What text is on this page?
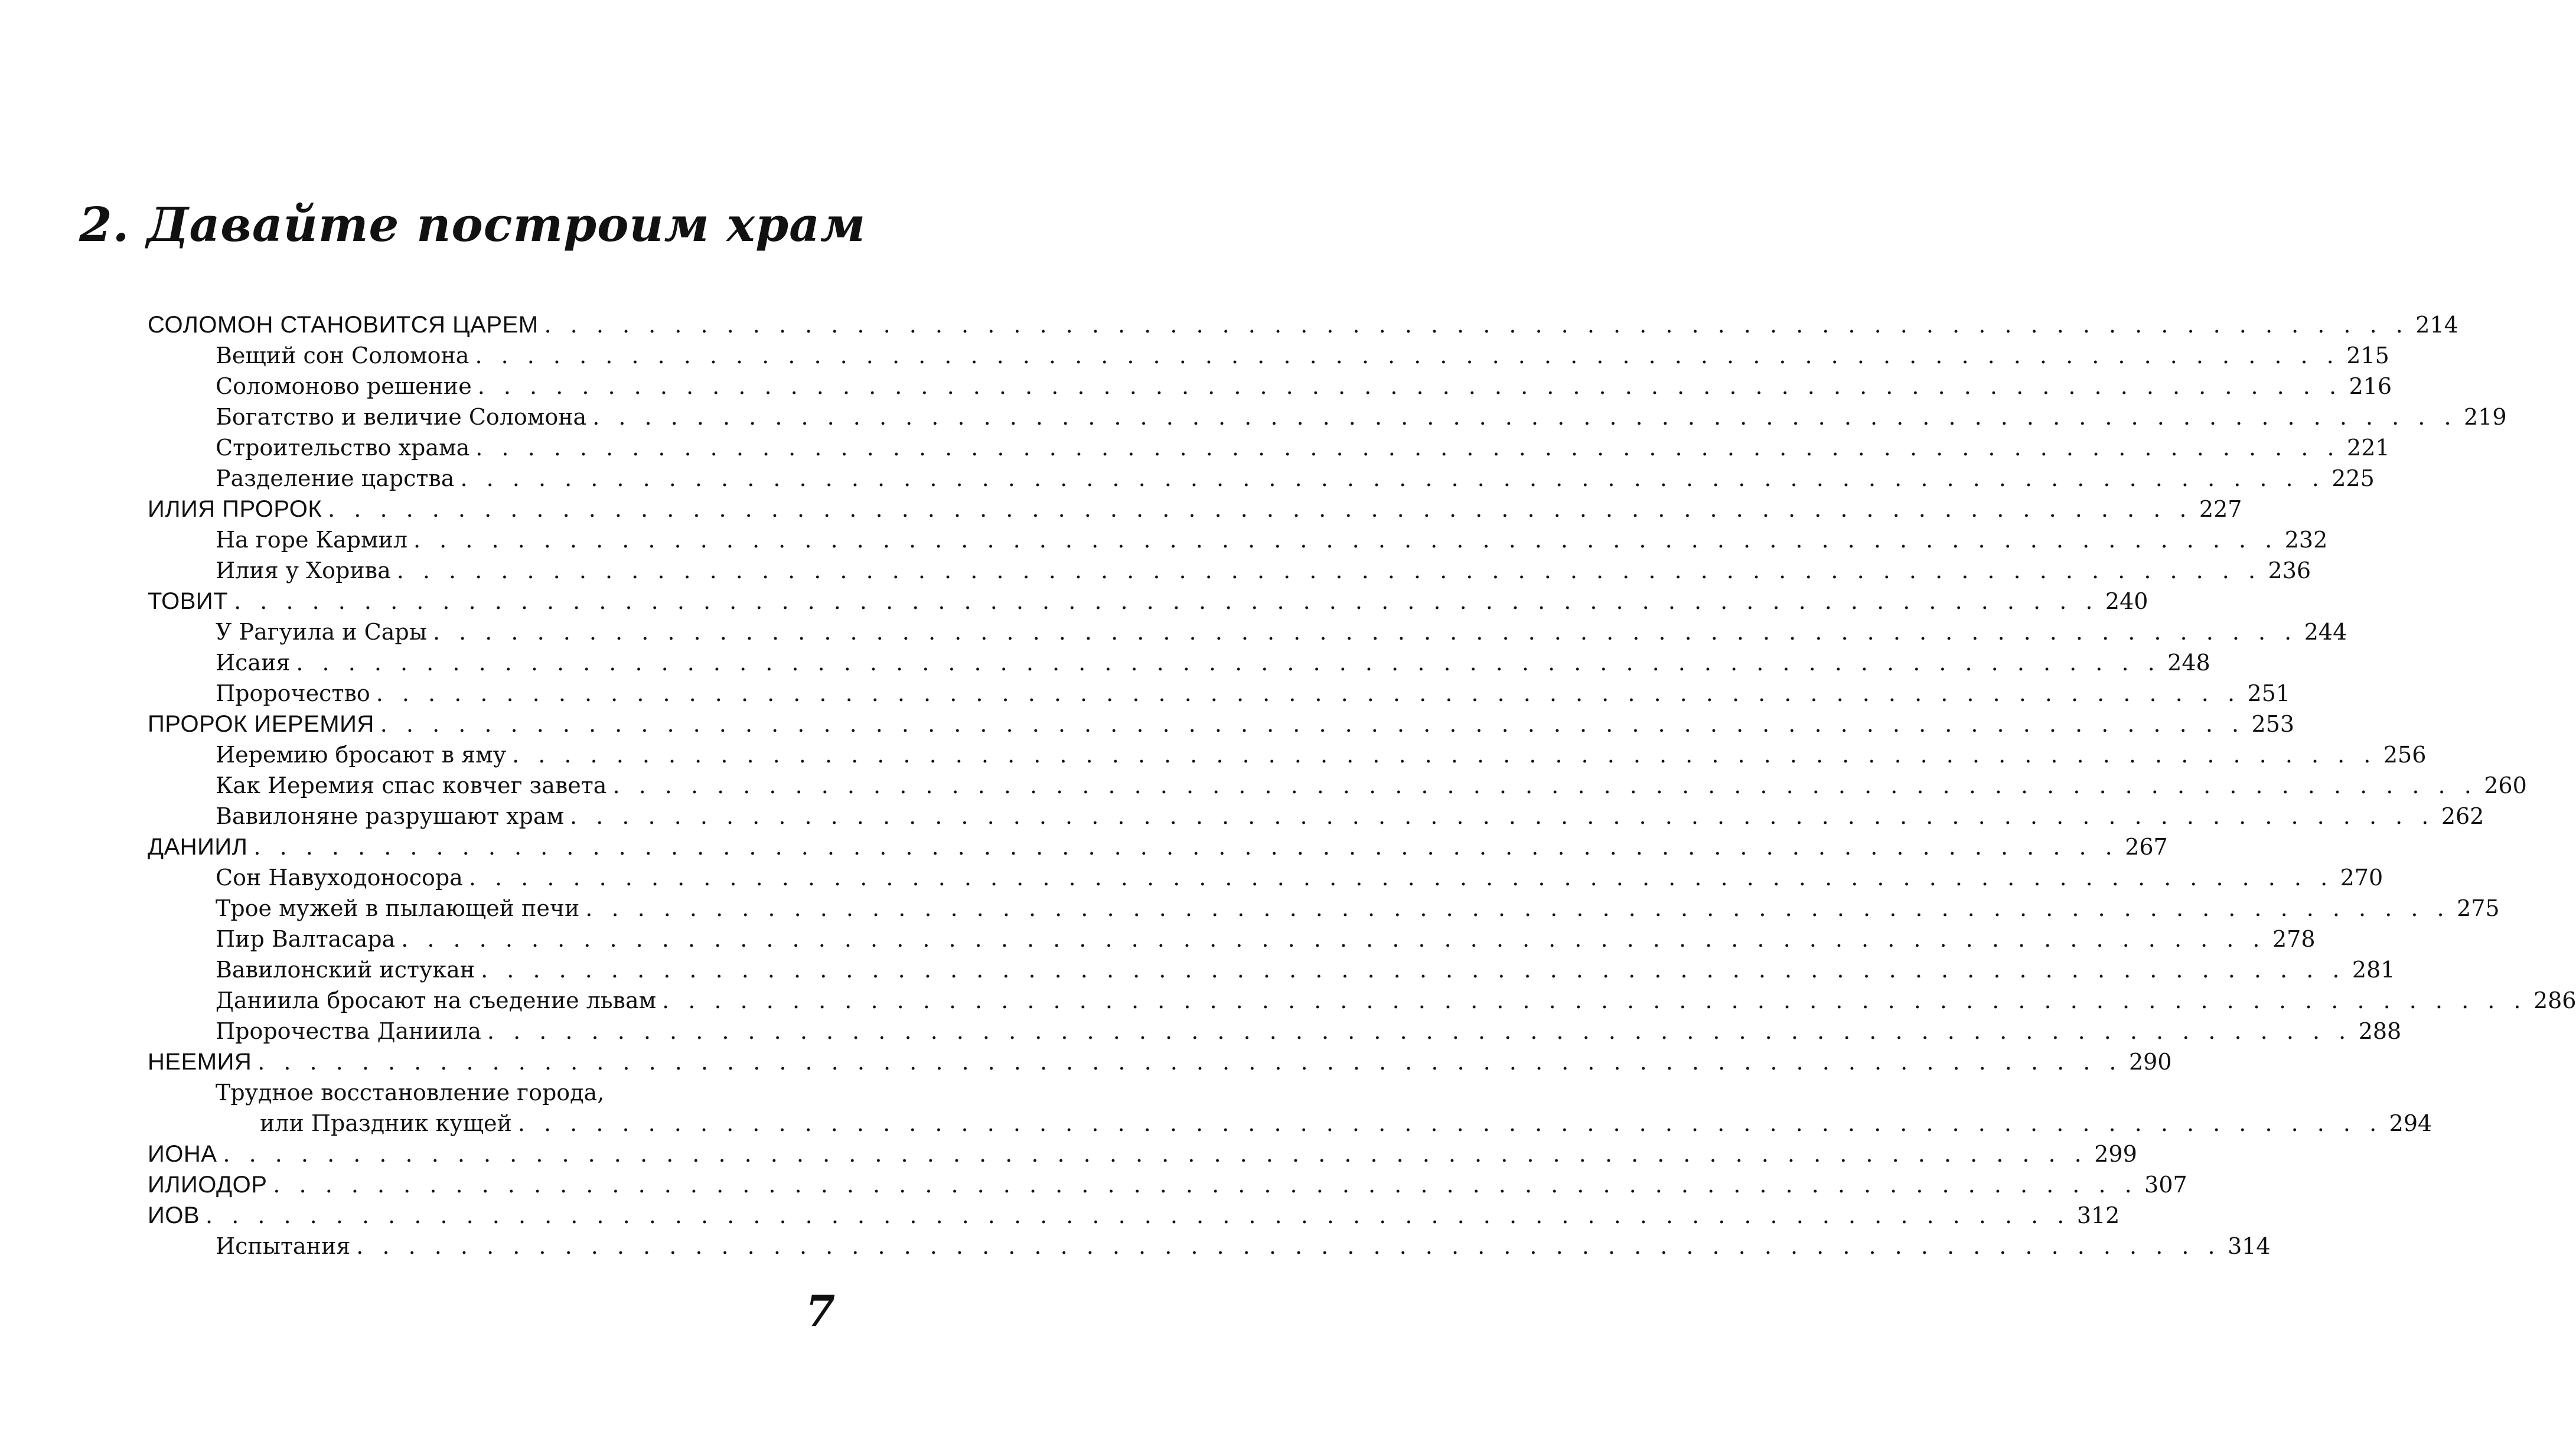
2. Давайте построим храм
СОЛОМОН СТАНОВИТСЯ ЦАРЕМ . . . . . . . . . . . . . . . . . . . . . . . . . . . . . . . . . . . . . . . . . . . . . . . . . . . . . . . . . . . . . . . . . . . . . . . . 214
Вещий сон Соломона . . . . . . . . . . . . . . . . . . . . . . . . . . . . . . . . . . . . . . . . . . . . . . . . . . . . . . . . . . . . . . . . . . . . . . . . 215
Соломоново решение . . . . . . . . . . . . . . . . . . . . . . . . . . . . . . . . . . . . . . . . . . . . . . . . . . . . . . . . . . . . . . . . . . . . . . . . 216
Богатство и величие Соломона . . . . . . . . . . . . . . . . . . . . . . . . . . . . . . . . . . . . . . . . . . . . . . . . . . . . . . . . . . . . . . . . . . . . . . . . 219
Строительство храма . . . . . . . . . . . . . . . . . . . . . . . . . . . . . . . . . . . . . . . . . . . . . . . . . . . . . . . . . . . . . . . . . . . . . . . . 221
Разделение царства . . . . . . . . . . . . . . . . . . . . . . . . . . . . . . . . . . . . . . . . . . . . . . . . . . . . . . . . . . . . . . . . . . . . . . . . 225
ИЛИЯ ПРОРОК . . . . . . . . . . . . . . . . . . . . . . . . . . . . . . . . . . . . . . . . . . . . . . . . . . . . . . . . . . . . . . . . . . . . . . . . 227
На горе Кармил . . . . . . . . . . . . . . . . . . . . . . . . . . . . . . . . . . . . . . . . . . . . . . . . . . . . . . . . . . . . . . . . . . . . . . . . 232
Илия у Хорива . . . . . . . . . . . . . . . . . . . . . . . . . . . . . . . . . . . . . . . . . . . . . . . . . . . . . . . . . . . . . . . . . . . . . . . . 236
ТОВИТ . . . . . . . . . . . . . . . . . . . . . . . . . . . . . . . . . . . . . . . . . . . . . . . . . . . . . . . . . . . . . . . . . . . . . . . . 240
У Рагуила и Сары . . . . . . . . . . . . . . . . . . . . . . . . . . . . . . . . . . . . . . . . . . . . . . . . . . . . . . . . . . . . . . . . . . . . . . . . 244
Исаия . . . . . . . . . . . . . . . . . . . . . . . . . . . . . . . . . . . . . . . . . . . . . . . . . . . . . . . . . . . . . . . . . . . . . . . . 248
Пророчество . . . . . . . . . . . . . . . . . . . . . . . . . . . . . . . . . . . . . . . . . . . . . . . . . . . . . . . . . . . . . . . . . . . . . . . . 251
ПРОРОК ИЕРЕМИЯ . . . . . . . . . . . . . . . . . . . . . . . . . . . . . . . . . . . . . . . . . . . . . . . . . . . . . . . . . . . . . . . . . . . . . . . . 253
Иеремию бросают в яму . . . . . . . . . . . . . . . . . . . . . . . . . . . . . . . . . . . . . . . . . . . . . . . . . . . . . . . . . . . . . . . . . . . . . . . . 256
Как Иеремия спас ковчег завета . . . . . . . . . . . . . . . . . . . . . . . . . . . . . . . . . . . . . . . . . . . . . . . . . . . . . . . . . . . . . . . . . . . . . . . . 260
Вавилоняне разрушают храм . . . . . . . . . . . . . . . . . . . . . . . . . . . . . . . . . . . . . . . . . . . . . . . . . . . . . . . . . . . . . . . . . . . . . . . . 262
ДАНИИЛ . . . . . . . . . . . . . . . . . . . . . . . . . . . . . . . . . . . . . . . . . . . . . . . . . . . . . . . . . . . . . . . . . . . . . . . . 267
Сон Навуходоносора . . . . . . . . . . . . . . . . . . . . . . . . . . . . . . . . . . . . . . . . . . . . . . . . . . . . . . . . . . . . . . . . . . . . . . . . 270
Трое мужей в пылающей печи . . . . . . . . . . . . . . . . . . . . . . . . . . . . . . . . . . . . . . . . . . . . . . . . . . . . . . . . . . . . . . . . . . . . . . . . 275
Пир Валтасара . . . . . . . . . . . . . . . . . . . . . . . . . . . . . . . . . . . . . . . . . . . . . . . . . . . . . . . . . . . . . . . . . . . . . . . . 278
Вавилонский истукан . . . . . . . . . . . . . . . . . . . . . . . . . . . . . . . . . . . . . . . . . . . . . . . . . . . . . . . . . . . . . . . . . . . . . . . . 281
Даниила бросают на съедение львам . . . . . . . . . . . . . . . . . . . . . . . . . . . . . . . . . . . . . . . . . . . . . . . . . . . . . . . . . . . . . . . . . . . . . . . . 286
Пророчества Даниила . . . . . . . . . . . . . . . . . . . . . . . . . . . . . . . . . . . . . . . . . . . . . . . . . . . . . . . . . . . . . . . . . . . . . . . . 288
НЕЕМИЯ . . . . . . . . . . . . . . . . . . . . . . . . . . . . . . . . . . . . . . . . . . . . . . . . . . . . . . . . . . . . . . . . . . . . . . . . 290
Трудное восстановление города,
или Праздник кущей . . . . . . . . . . . . . . . . . . . . . . . . . . . . . . . . . . . . . . . . . . . . . . . . . . . . . . . . . . . . . . . . . . . . . . . . 294
ИОНА . . . . . . . . . . . . . . . . . . . . . . . . . . . . . . . . . . . . . . . . . . . . . . . . . . . . . . . . . . . . . . . . . . . . . . . . 299
ИЛИОДОР . . . . . . . . . . . . . . . . . . . . . . . . . . . . . . . . . . . . . . . . . . . . . . . . . . . . . . . . . . . . . . . . . . . . . . . . 307
ИОВ . . . . . . . . . . . . . . . . . . . . . . . . . . . . . . . . . . . . . . . . . . . . . . . . . . . . . . . . . . . . . . . . . . . . . . . . 312
Испытания . . . . . . . . . . . . . . . . . . . . . . . . . . . . . . . . . . . . . . . . . . . . . . . . . . . . . . . . . . . . . . . . . . . . . . . . 314
7
